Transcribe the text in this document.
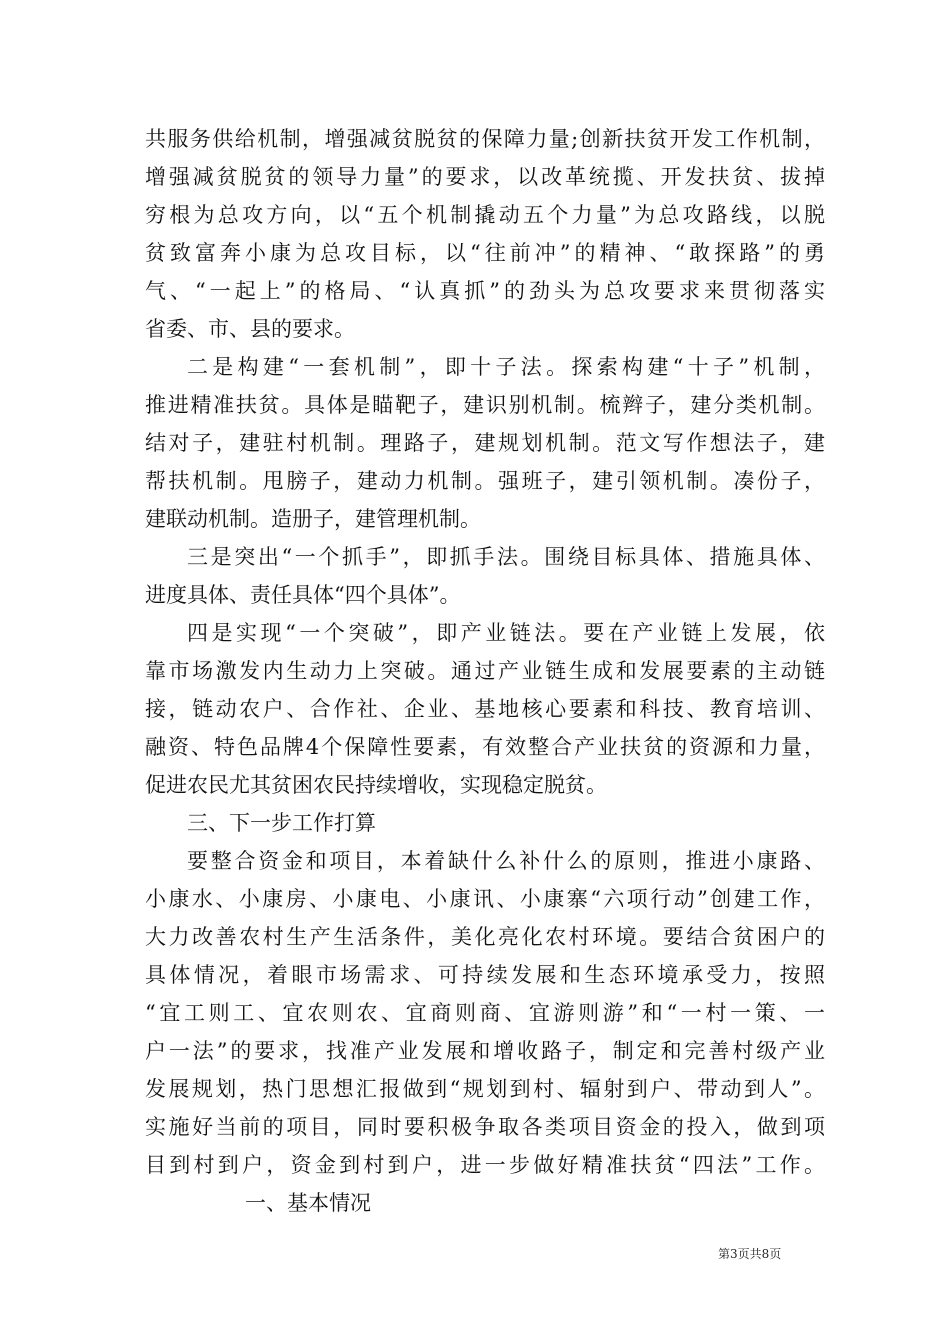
共服务供给机制，增强减贫脱贫的保障力量;创新扶贫开发工作机制，
增强减贫脱贫的领导力量”的要求，以改革统揽、开发扶贫、拔掉
穷根为总攻方向，以“五个机制撬动五个力量”为总攻路线，以脱
贫致富奔小康为总攻目标，以“往前冲”的精神、“敢探路”的勇
气、“一起上”的格局、“认真抓”的劲头为总攻要求来贯彻落实
省委、市、县的要求。
二是构建“一套机制”，即十子法。探索构建“十子”机制，
推进精准扶贫。具体是瞄靶子，建识别机制。梳辫子，建分类机制。
结对子，建驻村机制。理路子，建规划机制。范文写作想法子，建
帮扶机制。甩膀子，建动力机制。强班子，建引领机制。凑份子，
建联动机制。造册子，建管理机制。
三是突出“一个抓手”，即抓手法。围绕目标具体、措施具体、
进度具体、责任具体“四个具体”。
四是实现“一个突破”，即产业链法。要在产业链上发展，依
靠市场激发内生动力上突破。通过产业链生成和发展要素的主动链
接，链动农户、合作社、企业、基地核心要素和科技、教育培训、
融资、特色品牌4个保障性要素，有效整合产业扶贫的资源和力量，
促进农民尤其贫困农民持续增收，实现稳定脱贫。
三、下一步工作打算
要整合资金和项目，本着缺什么补什么的原则，推进小康路、
小康水、小康房、小康电、小康讯、小康寨“六项行动”创建工作，
大力改善农村生产生活条件，美化亮化农村环境。要结合贫困户的
具体情况，着眼市场需求、可持续发展和生态环境承受力，按照
“宜工则工、宜农则农、宜商则商、宜游则游”和“一村一策、一
户一法”的要求，找准产业发展和增收路子，制定和完善村级产业
发展规划，热门思想汇报做到“规划到村、辐射到户、带动到人”。
实施好当前的项目，同时要积极争取各类项目资金的投入，做到项
目到村到户，资金到村到户，进一步做好精准扶贫“四法”工作。
一、基本情况
第3页共8页
